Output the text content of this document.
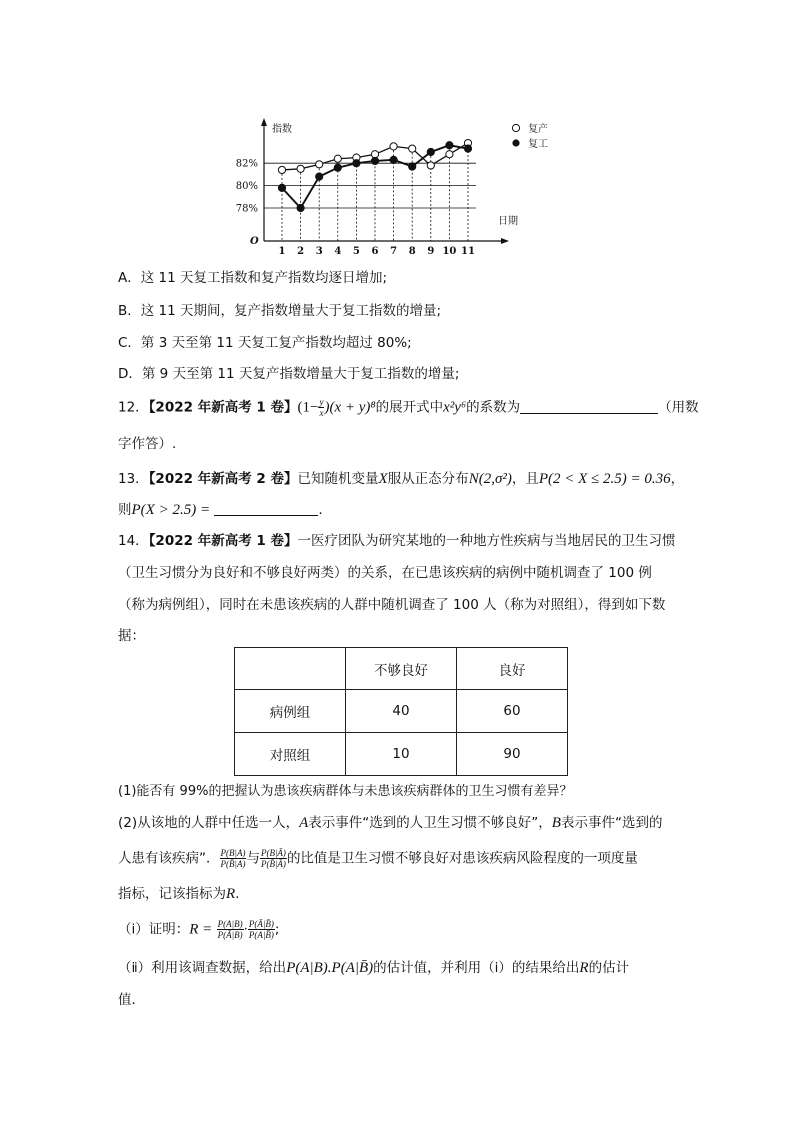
指数
日期
O
78%
80%
82%
1 2 3 4 5 6 7 8 9 10 11
复产
复工
A．这 11 天复工指数和复产指数均逐日增加;
B．这 11 天期间，复产指数增量大于复工指数的增量;
C．第 3 天至第 11 天复工复产指数均超过 80%;
D．第 9 天至第 11 天复产指数增量大于复工指数的增量;
12．【2022 年新高考 1 卷】$(1- \frac{y}{x} )(x + y)^8$的展开式中x²y⁶的系数为	（用数
字作答）.
13．【2022 年新高考 2 卷】已知随机变量X服从正态分布N(2,σ²)，且P(2 < X ≤ 2.5) = 0.36，
则P(X > 2.5) =	.
14．【2022 年新高考 1 卷】一医疗团队为研究某地的一种地方性疾病与当地居民的卫生习惯
（卫生习惯分为良好和不够良好两类）的关系，在已患该疾病的病例中随机调查了 100 例
（称为病例组），同时在未患该疾病的人群中随机调查了 100 人（称为对照组），得到如下数
据：
	不够良好	良好
病例组	40	60
对照组	10	90
(1)能否有 99%的把握认为患该疾病群体与未患该疾病群体的卫生习惯有差异？
(2)从该地的人群中任选一人，A表示事件“选到的人卫生习惯不够良好”，B表示事件“选到的
人患有该疾病”． $\frac{P(B|A)}{P(B̄|A)}$ 与 $\frac{P(B|Ā)}{P(B̄|Ā)}$ 的比值是卫生习惯不够良好对患该疾病风险程度的一项度量
指标，记该指标为R.
（ⅰ）证明：$R = \frac{P(A|B)}{P(Ā|B)} \cdot \frac{P(Ā|B̄)}{P(A|B̄)}$ ;
（ⅱ）利用该调查数据，给出P(A|B).P(A|B̄)的估计值，并利用（ⅰ）的结果给出R的估计
值．
